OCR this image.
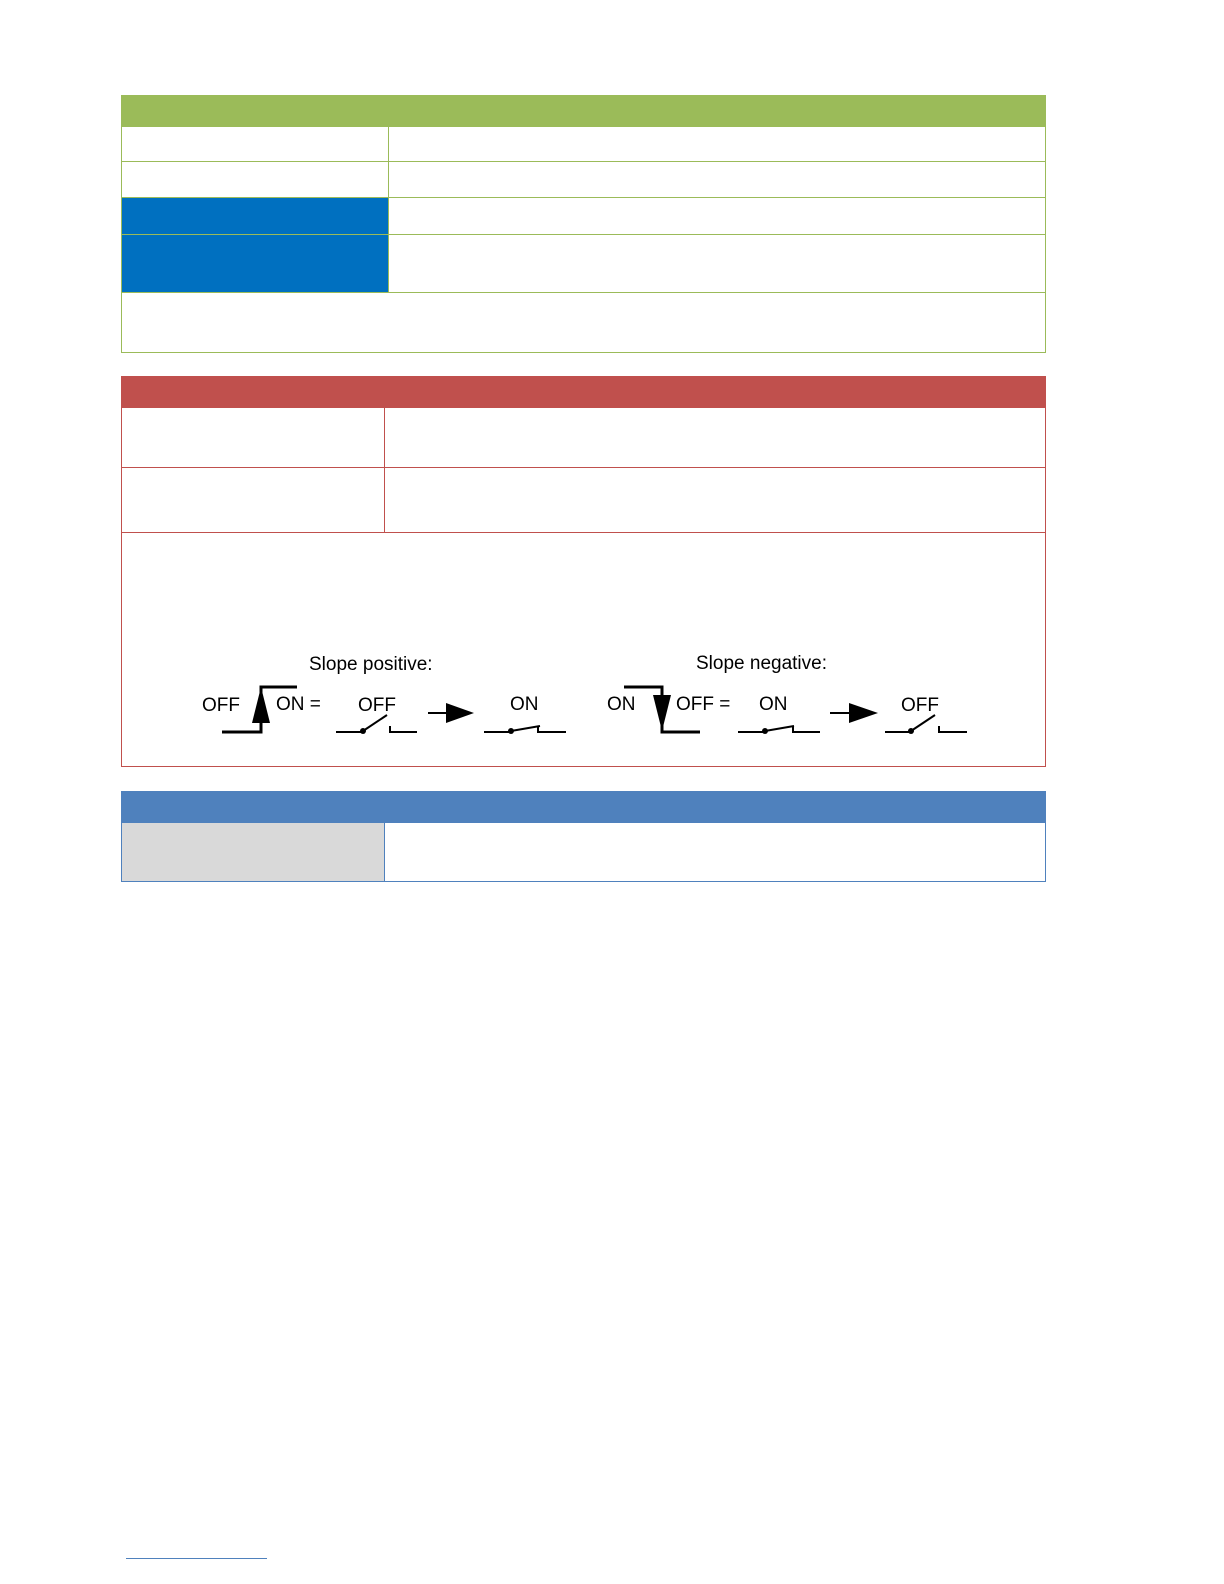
Slope positive:
OFF ON = OFF	ON
Slope negative:
ON OFF = ON	OFF
